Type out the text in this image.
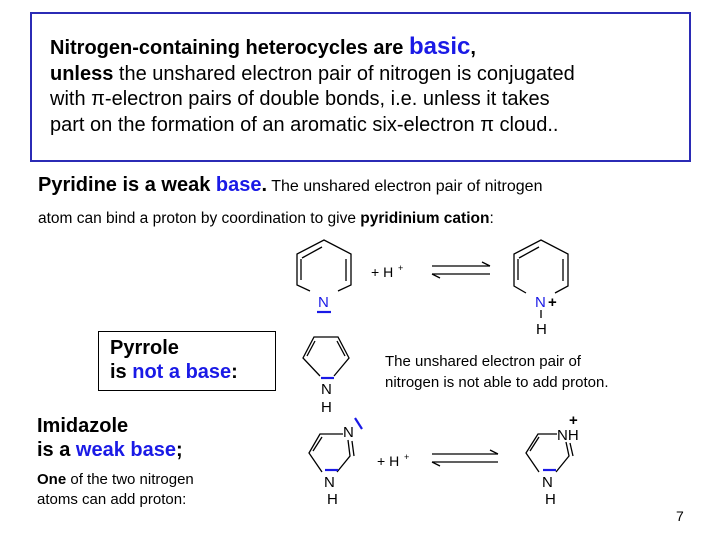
Nitrogen-containing heterocycles are basic,
unless the unshared electron pair of nitrogen is conjugated
with π-electron pairs of double bonds, i.e. unless it takes
part on the formation of an aromatic six-electron π cloud..
Pyridine is a weak base. The unshared electron pair of nitrogen
atom can bind a proton by coordination to give pyridinium cation:
Pyrrole
is not a base:	The unshared electron pair of
nitrogen is not able to add proton.
Imidazole
is a weak base;
One of the two nitrogen
atoms can add proton:
N	N +
H
+ H +
N
H
N
N
H
+ H +
+
NH
N
H
7
